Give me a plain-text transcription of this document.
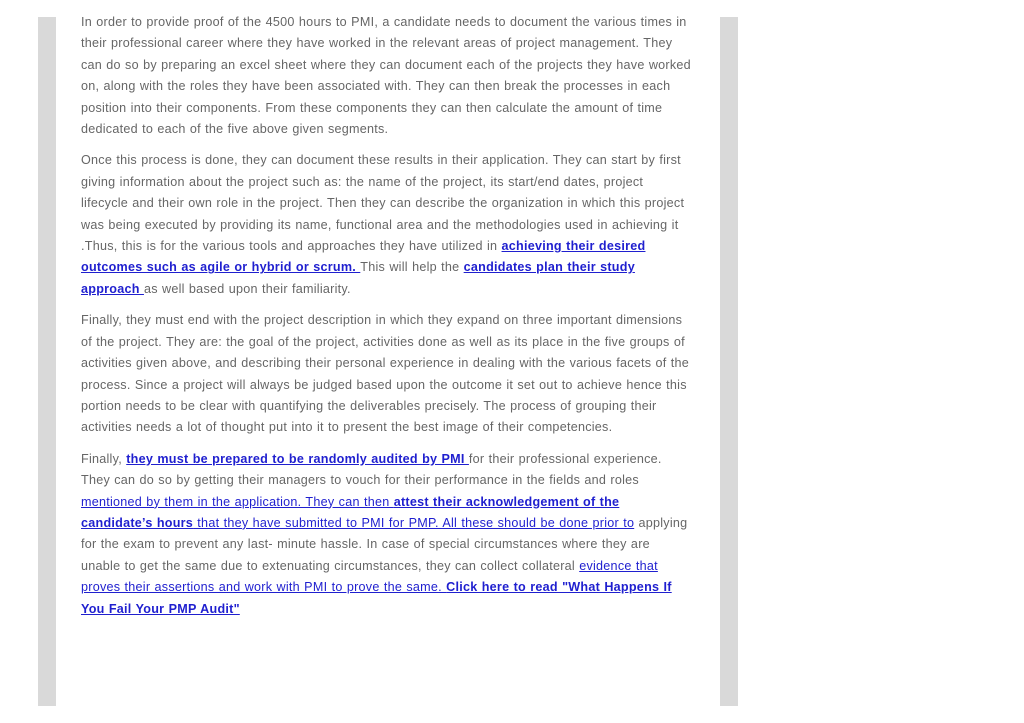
In order to provide proof of the 4500 hours to PMI, a candidate needs to document the various times in their professional career where they have worked in the relevant areas of project management. They can do so by preparing an excel sheet where they can document each of the projects they have worked on, along with the roles they have been associated with. They can then break the processes in each position into their components. From these components they can then calculate the amount of time dedicated to each of the five above given segments.

Once this process is done, they can document these results in their application. They can start by first giving information about the project such as: the name of the project, its start/end dates, project lifecycle and their own role in the project. Then they can describe the organization in which this project was being executed by providing its name, functional area and the methodologies used in achieving it .Thus, this is for the various tools and approaches they have utilized in achieving their desired outcomes such as agile or hybrid or scrum. This will help the candidates plan their study approach as well based upon their familiarity.

Finally, they must end with the project description in which they expand on three important dimensions of the project. They are: the goal of the project, activities done as well as its place in the five groups of activities given above, and describing their personal experience in dealing with the various facets of the process. Since a project will always be judged based upon the outcome it set out to achieve hence this portion needs to be clear with quantifying the deliverables precisely. The process of grouping their activities needs a lot of thought put into it to present the best image of their competencies.

Finally, they must be prepared to be randomly audited by PMI for their professional experience. They can do so by getting their managers to vouch for their performance in the fields and roles mentioned by them in the application. They can then attest their acknowledgement of the candidate’s hours that they have submitted to PMI for PMP. All these should be done prior to applying for the exam to prevent any last- minute hassle. In case of special circumstances where they are unable to get the same due to extenuating circumstances, they can collect collateral evidence that proves their assertions and work with PMI to prove the same. Click here to read "What Happens If You Fail Your PMP Audit"
